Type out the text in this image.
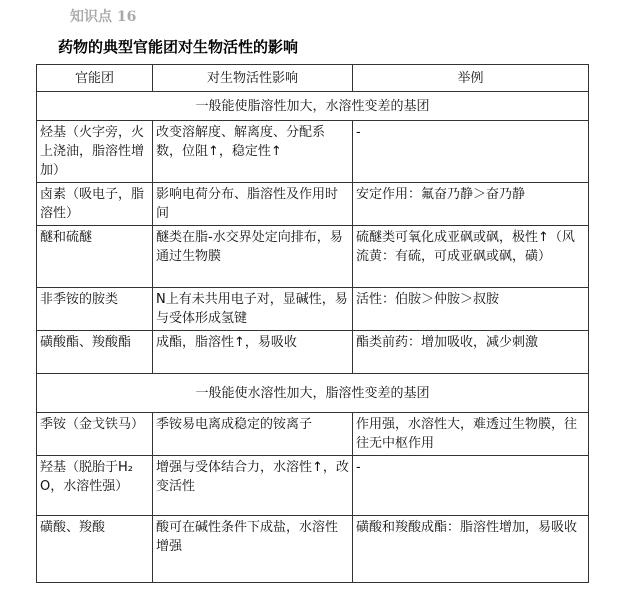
知识点 16
药物的典型官能团对生物活性的影响
官能团	对生物活性影响	举例
一般能使脂溶性加大，水溶性变差的基团		
烃基（火字旁，火上浇油，脂溶性增加）	改变溶解度、解离度、分配系数，位阻↑，稳定性↑	-
卤素（吸电子，脂溶性）	影响电荷分布、脂溶性及作用时间	安定作用：氟奋乃静＞奋乃静
醚和硫醚	醚类在脂-水交界处定向排布，易通过生物膜	硫醚类可氧化成亚砜或砜，极性↑（风流黄：有硫，可成亚砜或砜，磺）
非季铵的胺类	N上有未共用电子对，显碱性，易与受体形成氢键	活性：伯胺＞仲胺＞叔胺
磺酸酯、羧酸酯	成酯，脂溶性↑，易吸收	酯类前药：增加吸收，减少刺激
一般能使水溶性加大，脂溶性变差的基团		
季铵（金戈铁马）	季铵易电离成稳定的铵离子	作用强，水溶性大，难透过生物膜，往往无中枢作用
羟基（脱胎于H₂O，水溶性强）	增强与受体结合力，水溶性↑，改变活性	-
磺酸、羧酸	酸可在碱性条件下成盐，水溶性增强	磺酸和羧酸成酯：脂溶性增加，易吸收
